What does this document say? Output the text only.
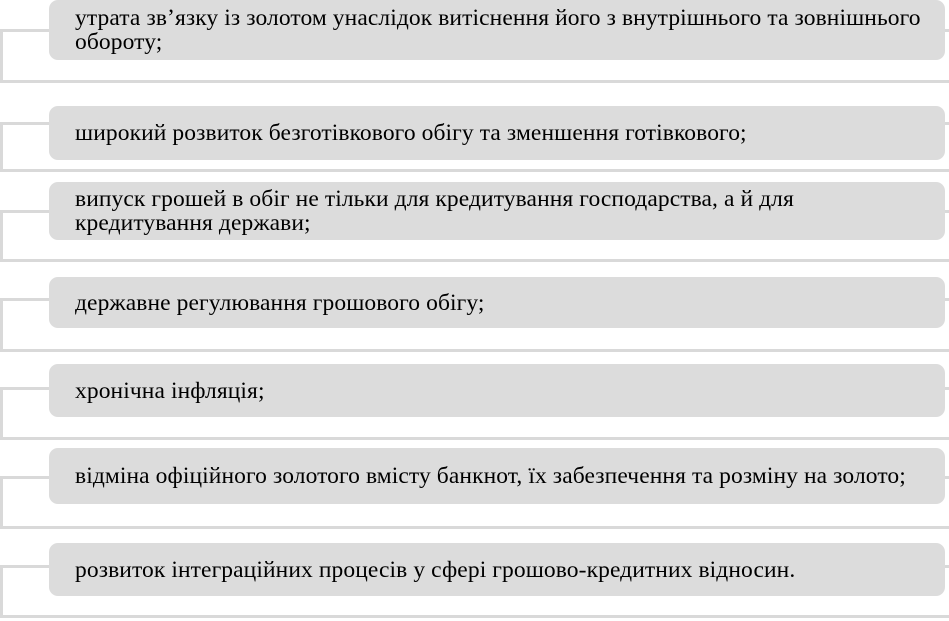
утрата зв’язку із золотом унаслідок витіснення його з внутрішнього та зовнішнього обороту;
широкий розвиток безготівкового обігу та зменшення готівкового;
випуск грошей в обіг не тільки для кредитування господарства, а й для кредитування держави;
державне регулювання грошового обігу;
хронічна інфляція;
відміна офіційного золотого вмісту банкнот, їх забезпечення та розміну на золото;
розвиток інтеграційних процесів у сфері грошово-кредитних відносин.
